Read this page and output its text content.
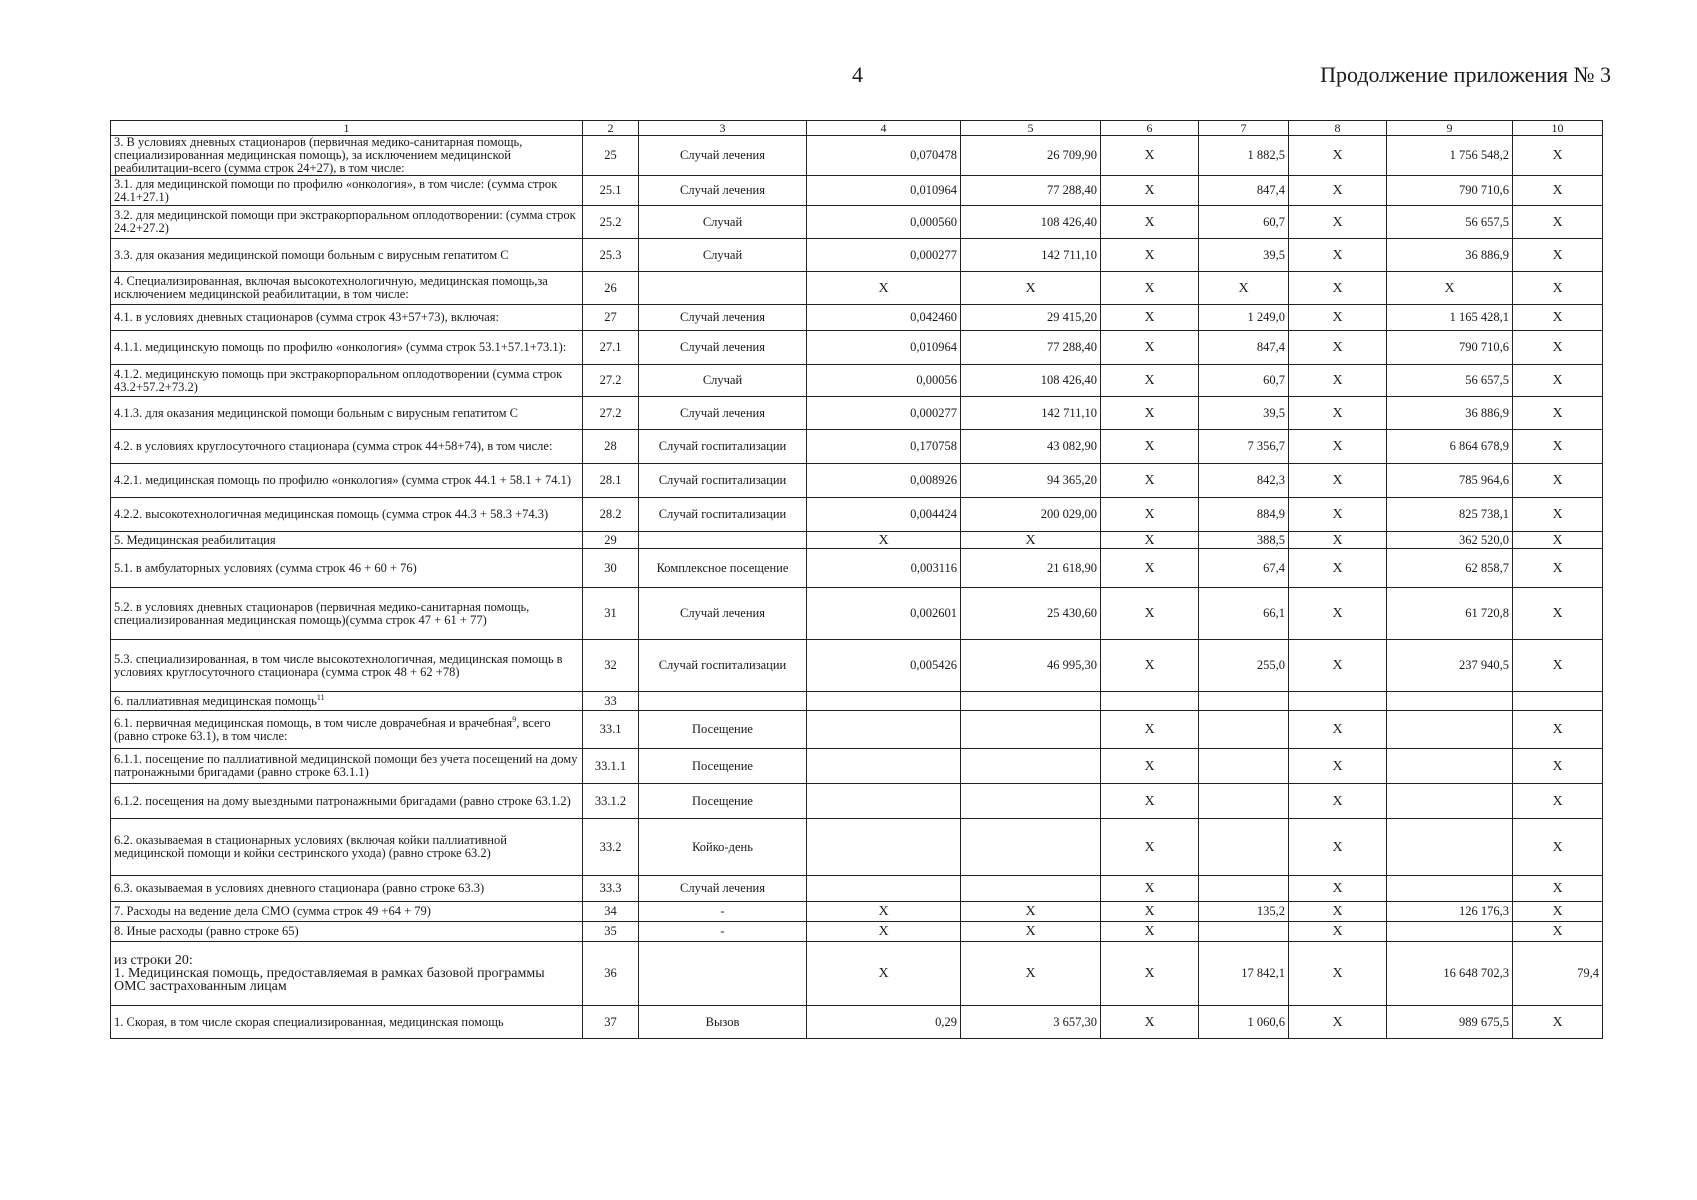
4	Продолжение приложения № 3
1	2	3	4	5	6	7	8	9	10
3. В условиях дневных стационаров (первичная медико-санитарная помощь, специализированная медицинская помощь), за исключением медицинской реабилитации-всего (сумма строк 24+27), в том числе:	25	Случай лечения	0,070478	26 709,90	X	1 882,5	X	1 756 548,2	X
3.1. для медицинской помощи по профилю «онкология», в том числе: (сумма строк 24.1+27.1)	25.1	Случай лечения	0,010964	77 288,40	X	847,4	X	790 710,6	X
3.2. для медицинской помощи при экстракорпоральном оплодотворении: (сумма строк 24.2+27.2)	25.2	Случай	0,000560	108 426,40	X	60,7	X	56 657,5	X
3.3. для оказания медицинской помощи больным с вирусным гепатитом С	25.3	Случай	0,000277	142 711,10	X	39,5	X	36 886,9	X
4. Специализированная, включая высокотехнологичную, медицинская помощь,за исключением медицинской реабилитации, в том числе:	26		X	X	X	X	X	X	X
4.1. в условиях дневных стационаров (сумма строк 43+57+73), включая:	27	Случай лечения	0,042460	29 415,20	X	1 249,0	X	1 165 428,1	X
4.1.1. медицинскую помощь по профилю «онкология» (сумма строк 53.1+57.1+73.1):	27.1	Случай лечения	0,010964	77 288,40	X	847,4	X	790 710,6	X
4.1.2. медицинскую помощь при экстракорпоральном оплодотворении (сумма строк 43.2+57.2+73.2)	27.2	Случай	0,00056	108 426,40	X	60,7	X	56 657,5	X
4.1.3. для оказания медицинской помощи больным с вирусным гепатитом С	27.2	Случай лечения	0,000277	142 711,10	X	39,5	X	36 886,9	X
4.2. в условиях круглосуточного стационара (сумма строк 44+58+74), в том числе:	28	Случай госпитализации	0,170758	43 082,90	X	7 356,7	X	6 864 678,9	X
4.2.1. медицинская помощь по профилю «онкология» (сумма строк 44.1 + 58.1 + 74.1)	28.1	Случай госпитализации	0,008926	94 365,20	X	842,3	X	785 964,6	X
4.2.2. высокотехнологичная медицинская помощь (сумма строк 44.3 + 58.3 +74.3)	28.2	Случай госпитализации	0,004424	200 029,00	X	884,9	X	825 738,1	X
5. Медицинская реабилитация	29		X	X	X	388,5	X	362 520,0	X
5.1. в амбулаторных условиях (сумма строк 46 + 60 + 76)	30	Комплексное посещение	0,003116	21 618,90	X	67,4	X	62 858,7	X
5.2. в условиях дневных стационаров (первичная медико-санитарная помощь, специализированная медицинская помощь)(сумма строк 47 + 61 + 77)	31	Случай лечения	0,002601	25 430,60	X	66,1	X	61 720,8	X
5.3. специализированная, в том числе высокотехнологичная, медицинская помощь в условиях круглосуточного стационара (сумма строк 48 + 62 +78)	32	Случай госпитализации	0,005426	46 995,30	X	255,0	X	237 940,5	X
6. паллиативная медицинская помощь$^{11}$	33								
6.1. первичная медицинская помощь, в том числе доврачебная и врачебная$^9$, всего (равно строке 63.1), в том числе:	33.1	Посещение			X		X		X
6.1.1. посещение по паллиативной медицинской помощи без учета посещений на дому патронажными бригадами (равно строке 63.1.1)	33.1.1	Посещение			X		X		X
6.1.2. посещения на дому выездными патронажными бригадами (равно строке 63.1.2)	33.1.2	Посещение			X		X		X
6.2. оказываемая в стационарных условиях (включая койки паллиативной медицинской помощи и койки сестринского ухода) (равно строке 63.2)	33.2	Койко-день			X		X		X
6.3. оказываемая в условиях дневного стационара (равно строке 63.3)	33.3	Случай лечения			X		X		X
7. Расходы на ведение дела СМО (сумма строк 49 +64 + 79)	34	-	X	X	X	135,2	X	126 176,3	X
8. Иные расходы (равно строке 65)	35	-	X	X	X		X		X
из строки 20:
1. Медицинская помощь, предоставляемая в рамках базовой программы ОМС застрахованным лицам	36		X	X	X	17 842,1	X	16 648 702,3	79,4
1. Скорая, в том числе скорая специализированная, медицинская помощь	37	Вызов	0,29	3 657,30	X	1 060,6	X	989 675,5	X
